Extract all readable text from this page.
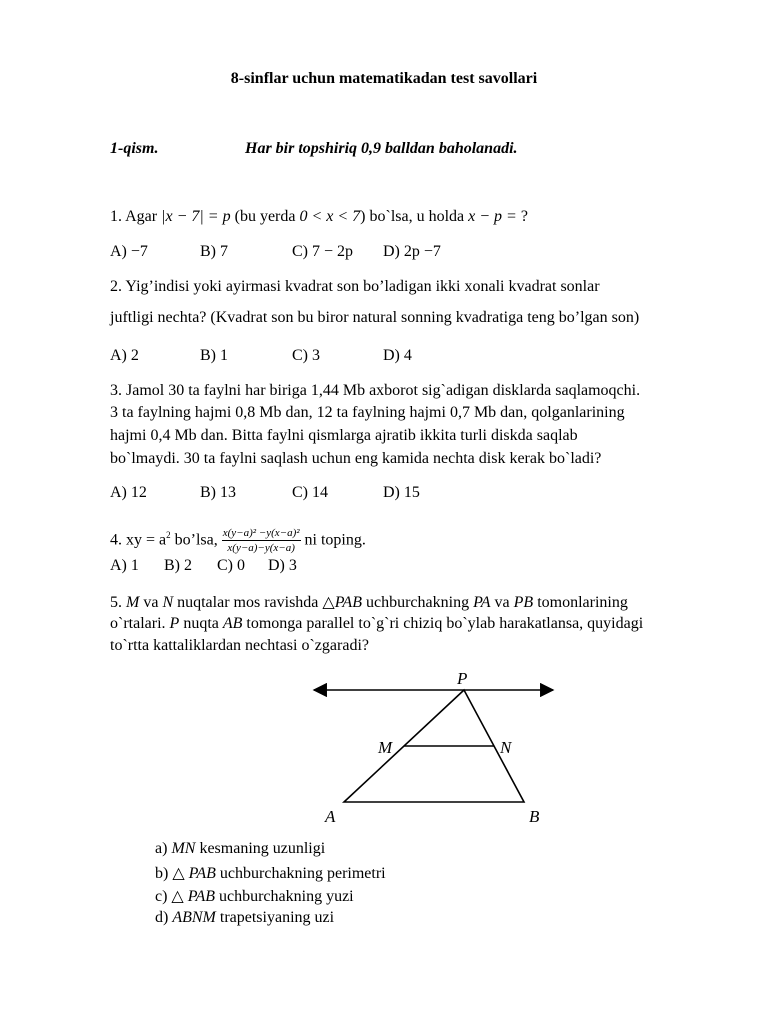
8-sinflar uchun matematikadan test savollari
1-qism.	Har bir topshiriq 0,9 balldan baholanadi.
1. Agar |x − 7| = p (bu yerda 0 < x < 7) bo`lsa, u holda x − p = ?
A) −7	B) 7	C) 7 − 2p D) 2p −7
2. Yig’indisi yoki ayirmasi kvadrat son bo’ladigan ikki xonali kvadrat sonlar
juftligi nechta? (Kvadrat son bu biror natural sonning kvadratiga teng bo’lgan son)
A) 2	B) 1	C) 3	D) 4
3. Jamol 30 ta faylni har biriga 1,44 Mb axborot sig`adigan disklarda saqlamoqchi.
3 ta faylning hajmi 0,8 Mb dan, 12 ta faylning hajmi 0,7 Mb dan, qolganlarining
hajmi 0,4 Mb dan. Bitta faylni qismlarga ajratib ikkita turli diskda saqlab
bo`lmaydi. 30 ta faylni saqlash uchun eng kamida nechta disk kerak bo`ladi?
A) 12	B) 13	C) 14	D) 15
4. xy = $a^2$ bo’lsa, $\frac{\text{x(y−a)² −y(x−a)²}}{x(y-a)-y(x-a)}$ ni toping.
A) 1 B) 2 C) 0 D) 3
5. M va N nuqtalar mos ravishda △PAB uchburchakning PA va PB tomonlarining
o`rtalari. P nuqta AB tomonga parallel to`g`ri chiziq bo`ylab harakatlansa, quyidagi
to`rtta kattaliklardan nechtasi o`zgaradi?
P
M	N
A	B
a) MN kesmaning uzunligi
b) △ PAB uchburchakning perimetri
c) △ PAB uchburchakning yuzi
d) ABNM trapetsiyaning uzi
